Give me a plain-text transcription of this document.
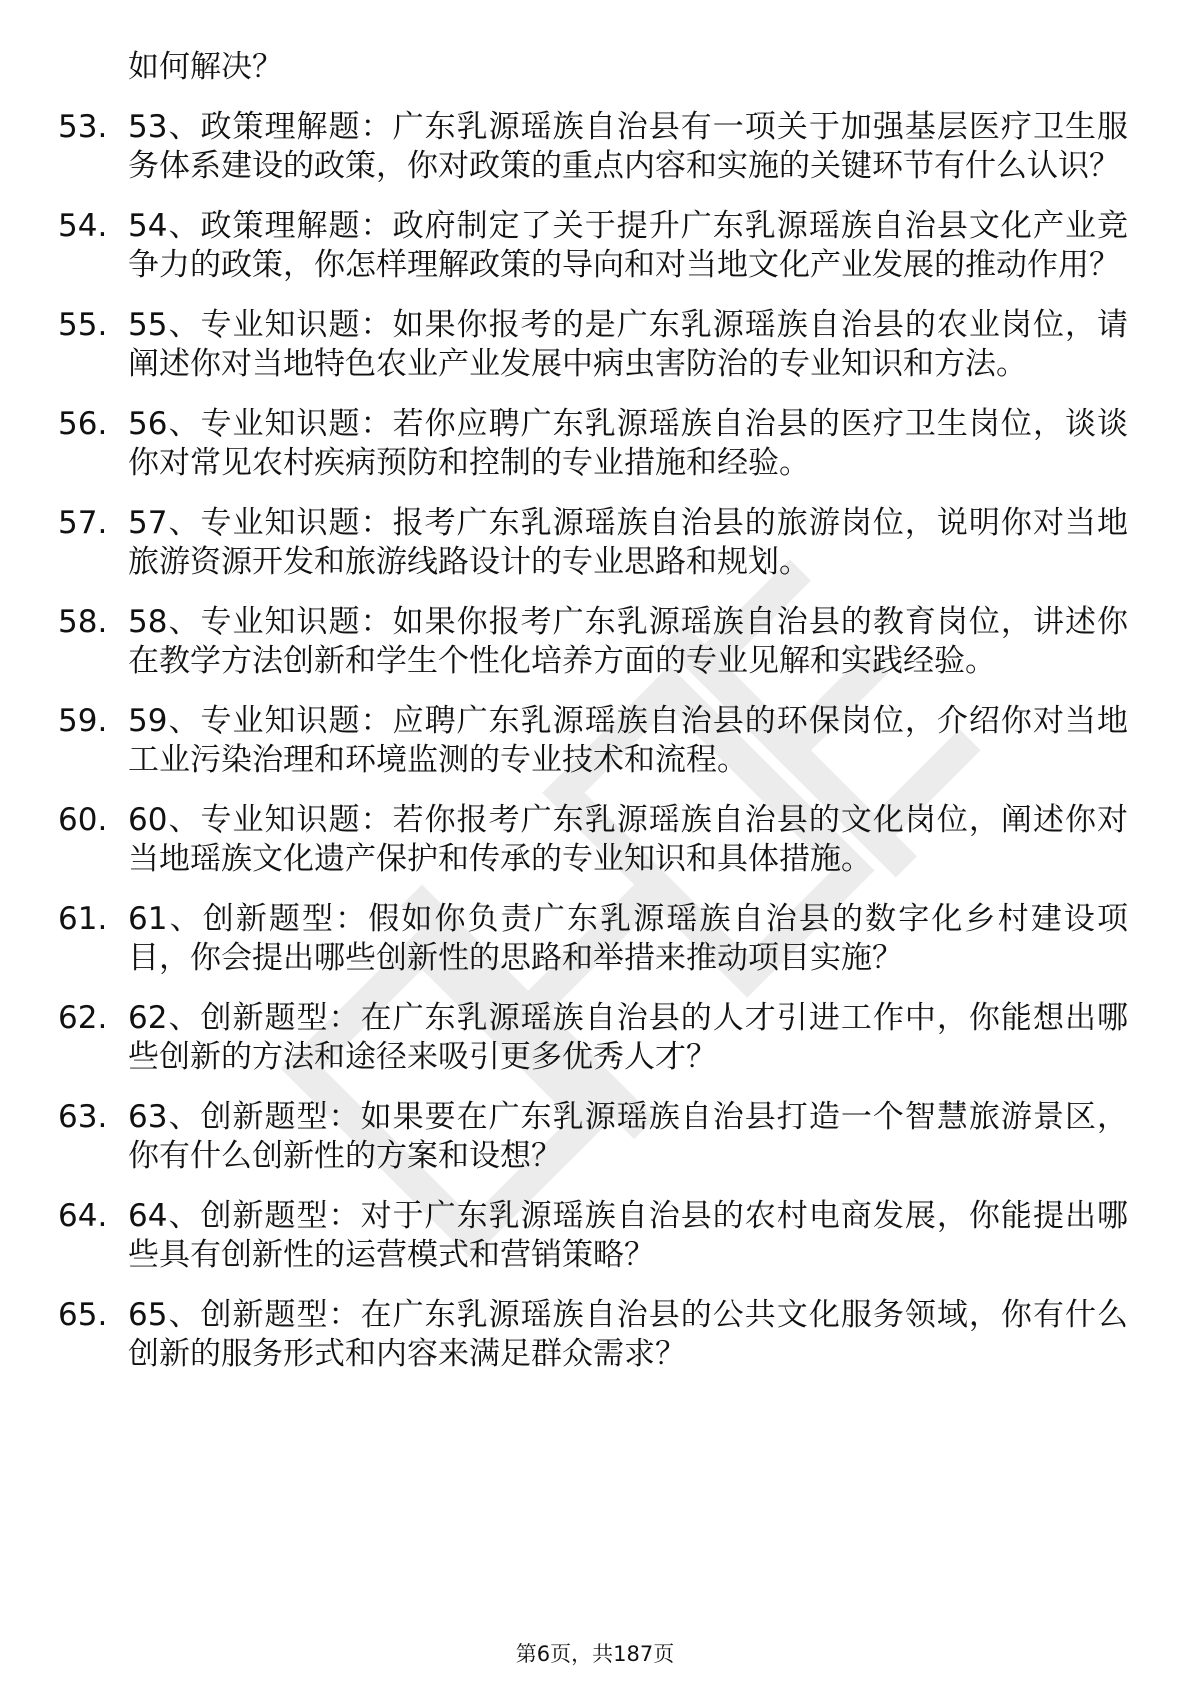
如何解决？
53. 53、政策理解题：广东乳源瑶族自治县有一项关于加强基层医疗卫生服务体系建设的政策，你对政策的重点内容和实施的关键环节有什么认识？
54. 54、政策理解题：政府制定了关于提升广东乳源瑶族自治县文化产业竞争力的政策，你怎样理解政策的导向和对当地文化产业发展的推动作用？
55. 55、专业知识题：如果你报考的是广东乳源瑶族自治县的农业岗位，请阐述你对当地特色农业产业发展中病虫害防治的专业知识和方法。
56. 56、专业知识题：若你应聘广东乳源瑶族自治县的医疗卫生岗位，谈谈你对常见农村疾病预防和控制的专业措施和经验。
57. 57、专业知识题：报考广东乳源瑶族自治县的旅游岗位，说明你对当地旅游资源开发和旅游线路设计的专业思路和规划。
58. 58、专业知识题：如果你报考广东乳源瑶族自治县的教育岗位，讲述你在教学方法创新和学生个性化培养方面的专业见解和实践经验。
59. 59、专业知识题：应聘广东乳源瑶族自治县的环保岗位，介绍你对当地工业污染治理和环境监测的专业技术和流程。
60. 60、专业知识题：若你报考广东乳源瑶族自治县的文化岗位，阐述你对当地瑶族文化遗产保护和传承的专业知识和具体措施。
61. 61、创新题型：假如你负责广东乳源瑶族自治县的数字化乡村建设项目，你会提出哪些创新性的思路和举措来推动项目实施？
62. 62、创新题型：在广东乳源瑶族自治县的人才引进工作中，你能想出哪些创新的方法和途径来吸引更多优秀人才？
63. 63、创新题型：如果要在广东乳源瑶族自治县打造一个智慧旅游景区，你有什么创新性的方案和设想？
64. 64、创新题型：对于广东乳源瑶族自治县的农村电商发展，你能提出哪些具有创新性的运营模式和营销策略？
65. 65、创新题型：在广东乳源瑶族自治县的公共文化服务领域，你有什么创新的服务形式和内容来满足群众需求？
第6页，共187页
